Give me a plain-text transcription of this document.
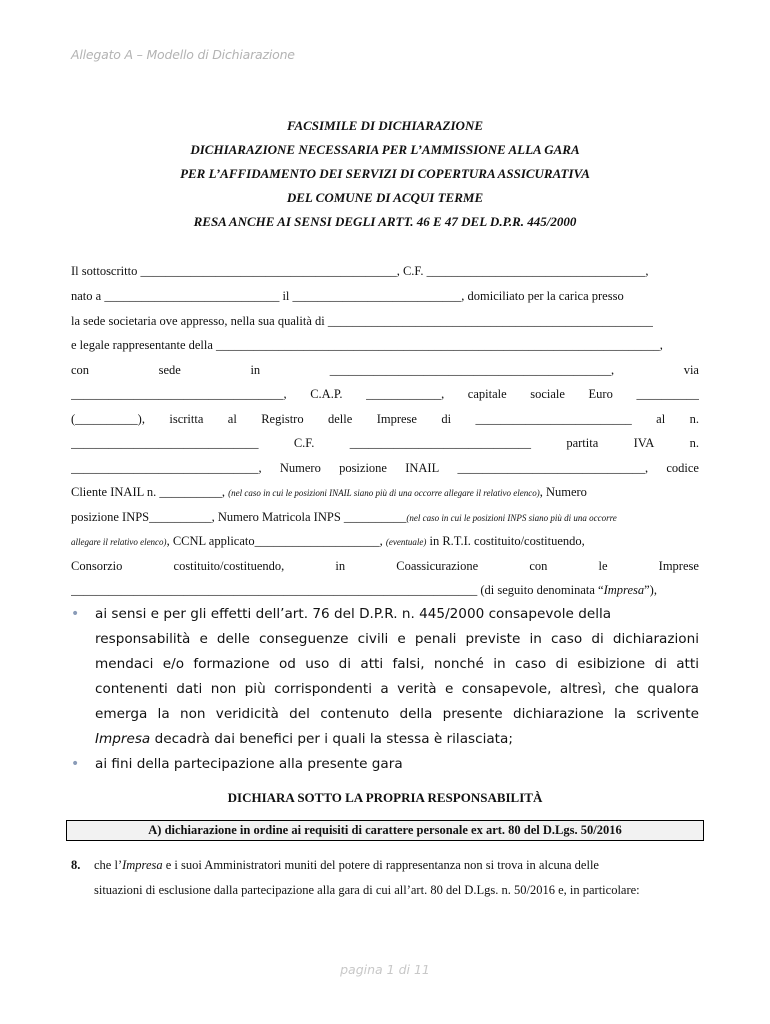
Allegato A – Modello di Dichiarazione
FACSIMILE DI DICHIARAZIONE
DICHIARAZIONE NECESSARIA PER L’AMMISSIONE ALLA GARA
PER L’AFFIDAMENTO DEI SERVIZI DI COPERTURA ASSICURATIVA
DEL COMUNE DI ACQUI TERME
RESA ANCHE AI SENSI DEGLI ARTT. 46 E 47 DEL D.P.R. 445/2000
Il sottoscritto _________________________________________, C.F. ___________________________________,
nato a ____________________________ il ___________________________, domiciliato per la carica presso
la sede societaria ove appresso, nella sua qualità di ____________________________________________________
e legale rappresentante della _______________________________________________________________________,
con	sede	in	_____________________________________________,	via
__________________________________, C.A.P. ____________, capitale sociale Euro __________
(__________), iscritta al Registro delle Imprese di _________________________ al n.
______________________________	C.F.	_____________________________	partita	IVA	n.
______________________________, Numero posizione INAIL ______________________________, codice
Cliente INAIL n. __________, (nel caso in cui le posizioni INAIL siano più di una occorre allegare il relativo elenco), Numero
posizione INPS__________, Numero Matricola INPS __________(nel caso in cui le posizioni INPS siano più di una occorre
allegare il relativo elenco), CCNL applicato____________________, (eventuale) in R.T.I. costituito/costituendo,
Consorzio	costituito/costituendo,	in	Coassicurazione	con	le	Imprese
_________________________________________________________________ (di seguito denominata “Impresa”),
• ai sensi e per gli effetti dell’art. 76 del D.P.R. n. 445/2000 consapevole della
responsabilità e delle conseguenze civili e penali previste in caso di dichiarazioni
mendaci e/o formazione od uso di atti falsi, nonché in caso di esibizione di atti
contenenti dati non più corrispondenti a verità e consapevole, altresì, che qualora
emerga la non veridicità del contenuto della presente dichiarazione la scrivente
Impresa decadrà dai benefici per i quali la stessa è rilasciata;
• ai fini della partecipazione alla presente gara
DICHIARA SOTTO LA PROPRIA RESPONSABILITÀ
A) dichiarazione in ordine ai requisiti di carattere personale ex art. 80 del D.Lgs. 50/2016
8. che l’Impresa e i suoi Amministratori muniti del potere di rappresentanza non si trova in alcuna delle
situazioni di esclusione dalla partecipazione alla gara di cui all’art. 80 del D.Lgs. n. 50/2016 e, in particolare:
pagina 1 di 11
